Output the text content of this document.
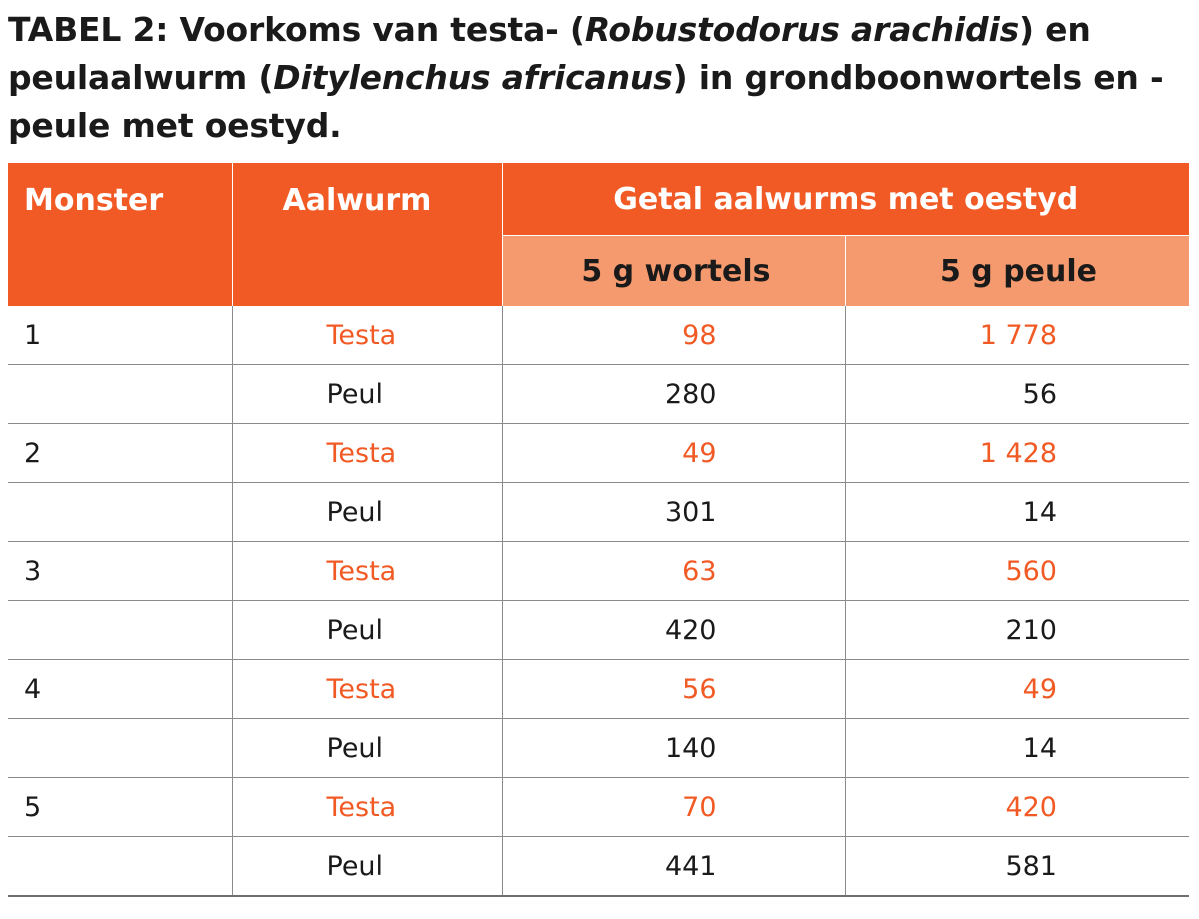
TABEL 2: Voorkoms van testa- (Robustodorus arachidis) en peulaalwurm (Ditylenchus africanus) in grondboonwortels en -peule met oestyd.
Monster	Aalwurm	Getal aalwurms met oestyd	
		5 g wortels	5 g peule
1	Testa	98	1 778
	Peul	280	56
2	Testa	49	1 428
	Peul	301	14
3	Testa	63	560
	Peul	420	210
4	Testa	56	49
	Peul	140	14
5	Testa	70	420
	Peul	441	581
